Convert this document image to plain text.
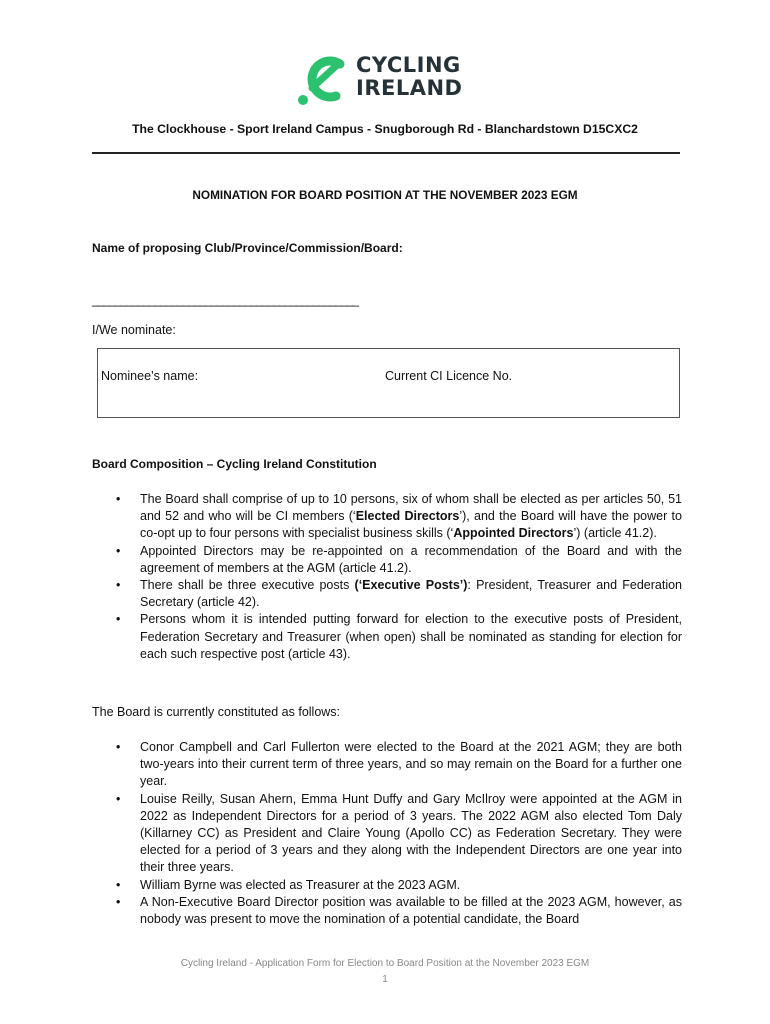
CYCLING
IRELAND
The Clockhouse - Sport Ireland Campus - Snugborough Rd - Blanchardstown D15CXC2
NOMINATION FOR BOARD POSITION AT THE NOVEMBER 2023 EGM
Name of proposing Club/Province/Commission/Board:
_______________________________________________
I/We nominate:
Nominee’s name:	Current CI Licence No.
Board Composition – Cycling Ireland Constitution
• The Board shall comprise of up to 10 persons, six of whom shall be elected as per articles 50, 51 and 52 and who will be CI members (‘Elected Directors’), and the Board will have the power to co-opt up to four persons with specialist business skills (‘Appointed Directors’) (article 41.2).
• Appointed Directors may be re-appointed on a recommendation of the Board and with the agreement of members at the AGM (article 41.2).
• There shall be three executive posts (‘Executive Posts’): President, Treasurer and Federation Secretary (article 42).
• Persons whom it is intended putting forward for election to the executive posts of President, Federation Secretary and Treasurer (when open) shall be nominated as standing for election for each such respective post (article 43).
The Board is currently constituted as follows:
• Conor Campbell and Carl Fullerton were elected to the Board at the 2021 AGM; they are both two-years into their current term of three years, and so may remain on the Board for a further one year.
• Louise Reilly, Susan Ahern, Emma Hunt Duffy and Gary McIlroy were appointed at the AGM in 2022 as Independent Directors for a period of 3 years. The 2022 AGM also elected Tom Daly (Killarney CC) as President and Claire Young (Apollo CC) as Federation Secretary. They were elected for a period of 3 years and they along with the Independent Directors are one year into their three years.
• William Byrne was elected as Treasurer at the 2023 AGM.
• A Non-Executive Board Director position was available to be filled at the 2023 AGM, however, as nobody was present to move the nomination of a potential candidate, the Board
Cycling Ireland - Application Form for Election to Board Position at the November 2023 EGM
1
